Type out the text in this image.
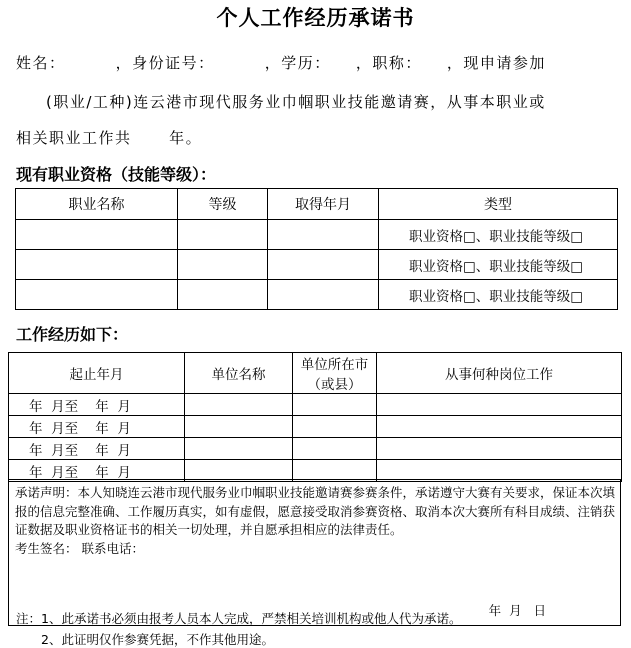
个人工作经历承诺书
姓名：        ，身份证号：        ，学历：    ，职称：    ，现申请参加
(职业/工种)连云港市现代服务业巾帼职业技能邀请赛，从事本职业或
相关职业工作共      年。
现有职业资格（技能等级）：
职业名称	等级	取得年月	类型
			职业资格□、职业技能等级□
			职业资格□、职业技能等级□
			职业资格□、职业技能等级□
工作经历如下：
起止年月	单位名称	单位所在市（或县）	从事何种岗位工作
年  月至    年  月			
年  月至    年  月			
年  月至    年  月			
年  月至    年  月			
承诺声明：本人知晓连云港市现代服务业巾帼职业技能邀请赛参赛条件，承诺遵守大赛有关要求，保证本次填报的信息完整准确、工作履历真实，如有虚假，愿意接受取消参赛资格、取消本次大赛所有科目成绩、注销获证数据及职业资格证书的相关一切处理，并自愿承担相应的法律责任。
考生签名： 联系电话：
年  月   日
注：1、此承诺书必须由报考人员本人完成，严禁相关培训机构或他人代为承诺。
2、此证明仅作参赛凭据，不作其他用途。
